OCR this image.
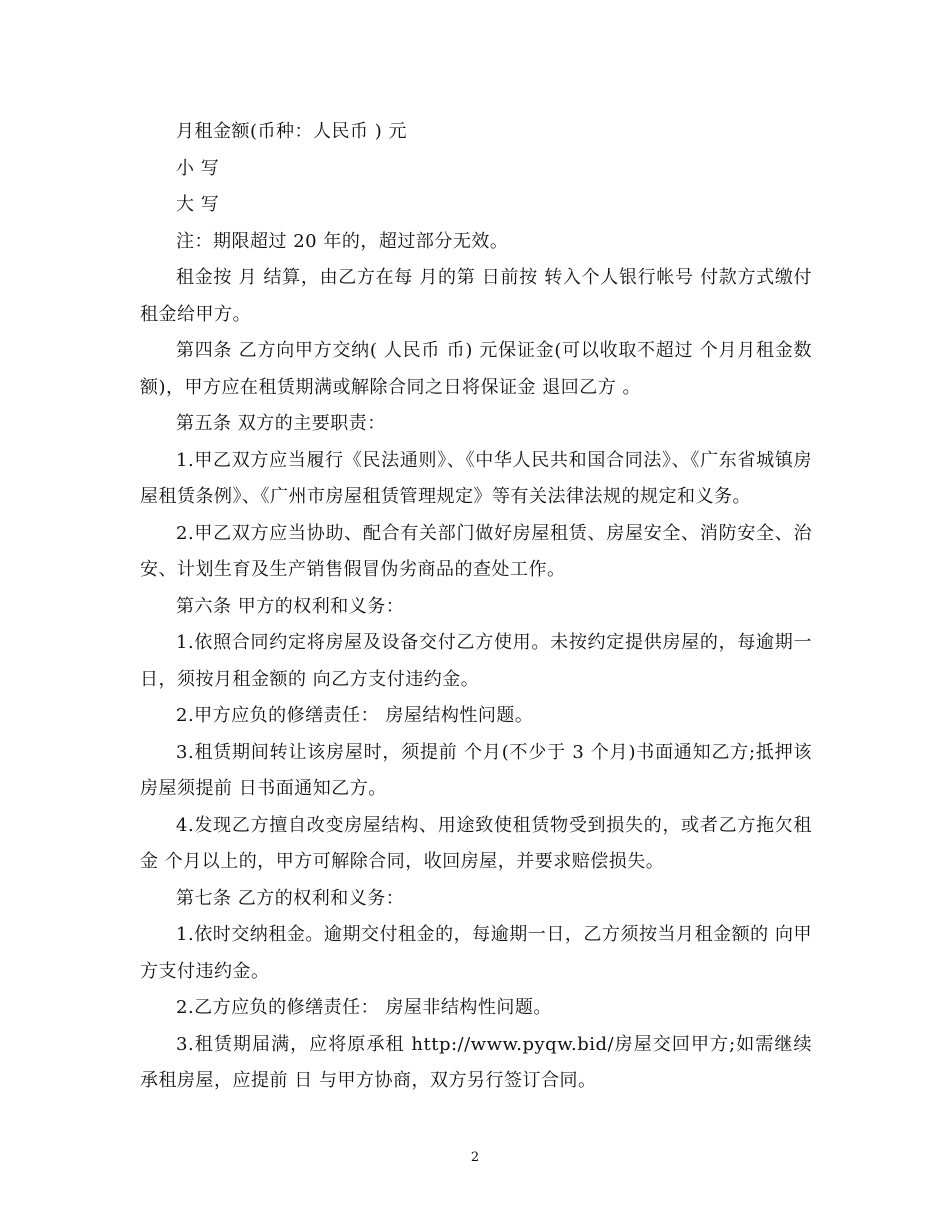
月租金额(币种：人民币 ) 元

小 写

大 写

注：期限超过 20 年的，超过部分无效。

租金按 月 结算，由乙方在每 月的第 日前按 转入个人银行帐号 付款方式缴付租金给甲方。

第四条 乙方向甲方交纳( 人民币 币) 元保证金(可以收取不超过 个月月租金数额)，甲方应在租赁期满或解除合同之日将保证金 退回乙方 。

第五条 双方的主要职责：

1.甲乙双方应当履行《民法通则》、《中华人民共和国合同法》、《广东省城镇房屋租赁条例》、《广州市房屋租赁管理规定》等有关法律法规的规定和义务。

2.甲乙双方应当协助、配合有关部门做好房屋租赁、房屋安全、消防安全、治安、计划生育及生产销售假冒伪劣商品的查处工作。

第六条 甲方的权利和义务：

1.依照合同约定将房屋及设备交付乙方使用。未按约定提供房屋的，每逾期一日，须按月租金额的 向乙方支付违约金。

2.甲方应负的修缮责任： 房屋结构性问题。

3.租赁期间转让该房屋时，须提前 个月(不少于 3 个月)书面通知乙方;抵押该房屋须提前 日书面通知乙方。

4.发现乙方擅自改变房屋结构、用途致使租赁物受到损失的，或者乙方拖欠租金 个月以上的，甲方可解除合同，收回房屋，并要求赔偿损失。

第七条 乙方的权利和义务：

1.依时交纳租金。逾期交付租金的，每逾期一日，乙方须按当月租金额的 向甲方支付违约金。

2.乙方应负的修缮责任： 房屋非结构性问题。

3.租赁期届满，应将原承租 http://www.pyqw.bid/房屋交回甲方;如需继续承租房屋，应提前 日 与甲方协商，双方另行签订合同。

2
